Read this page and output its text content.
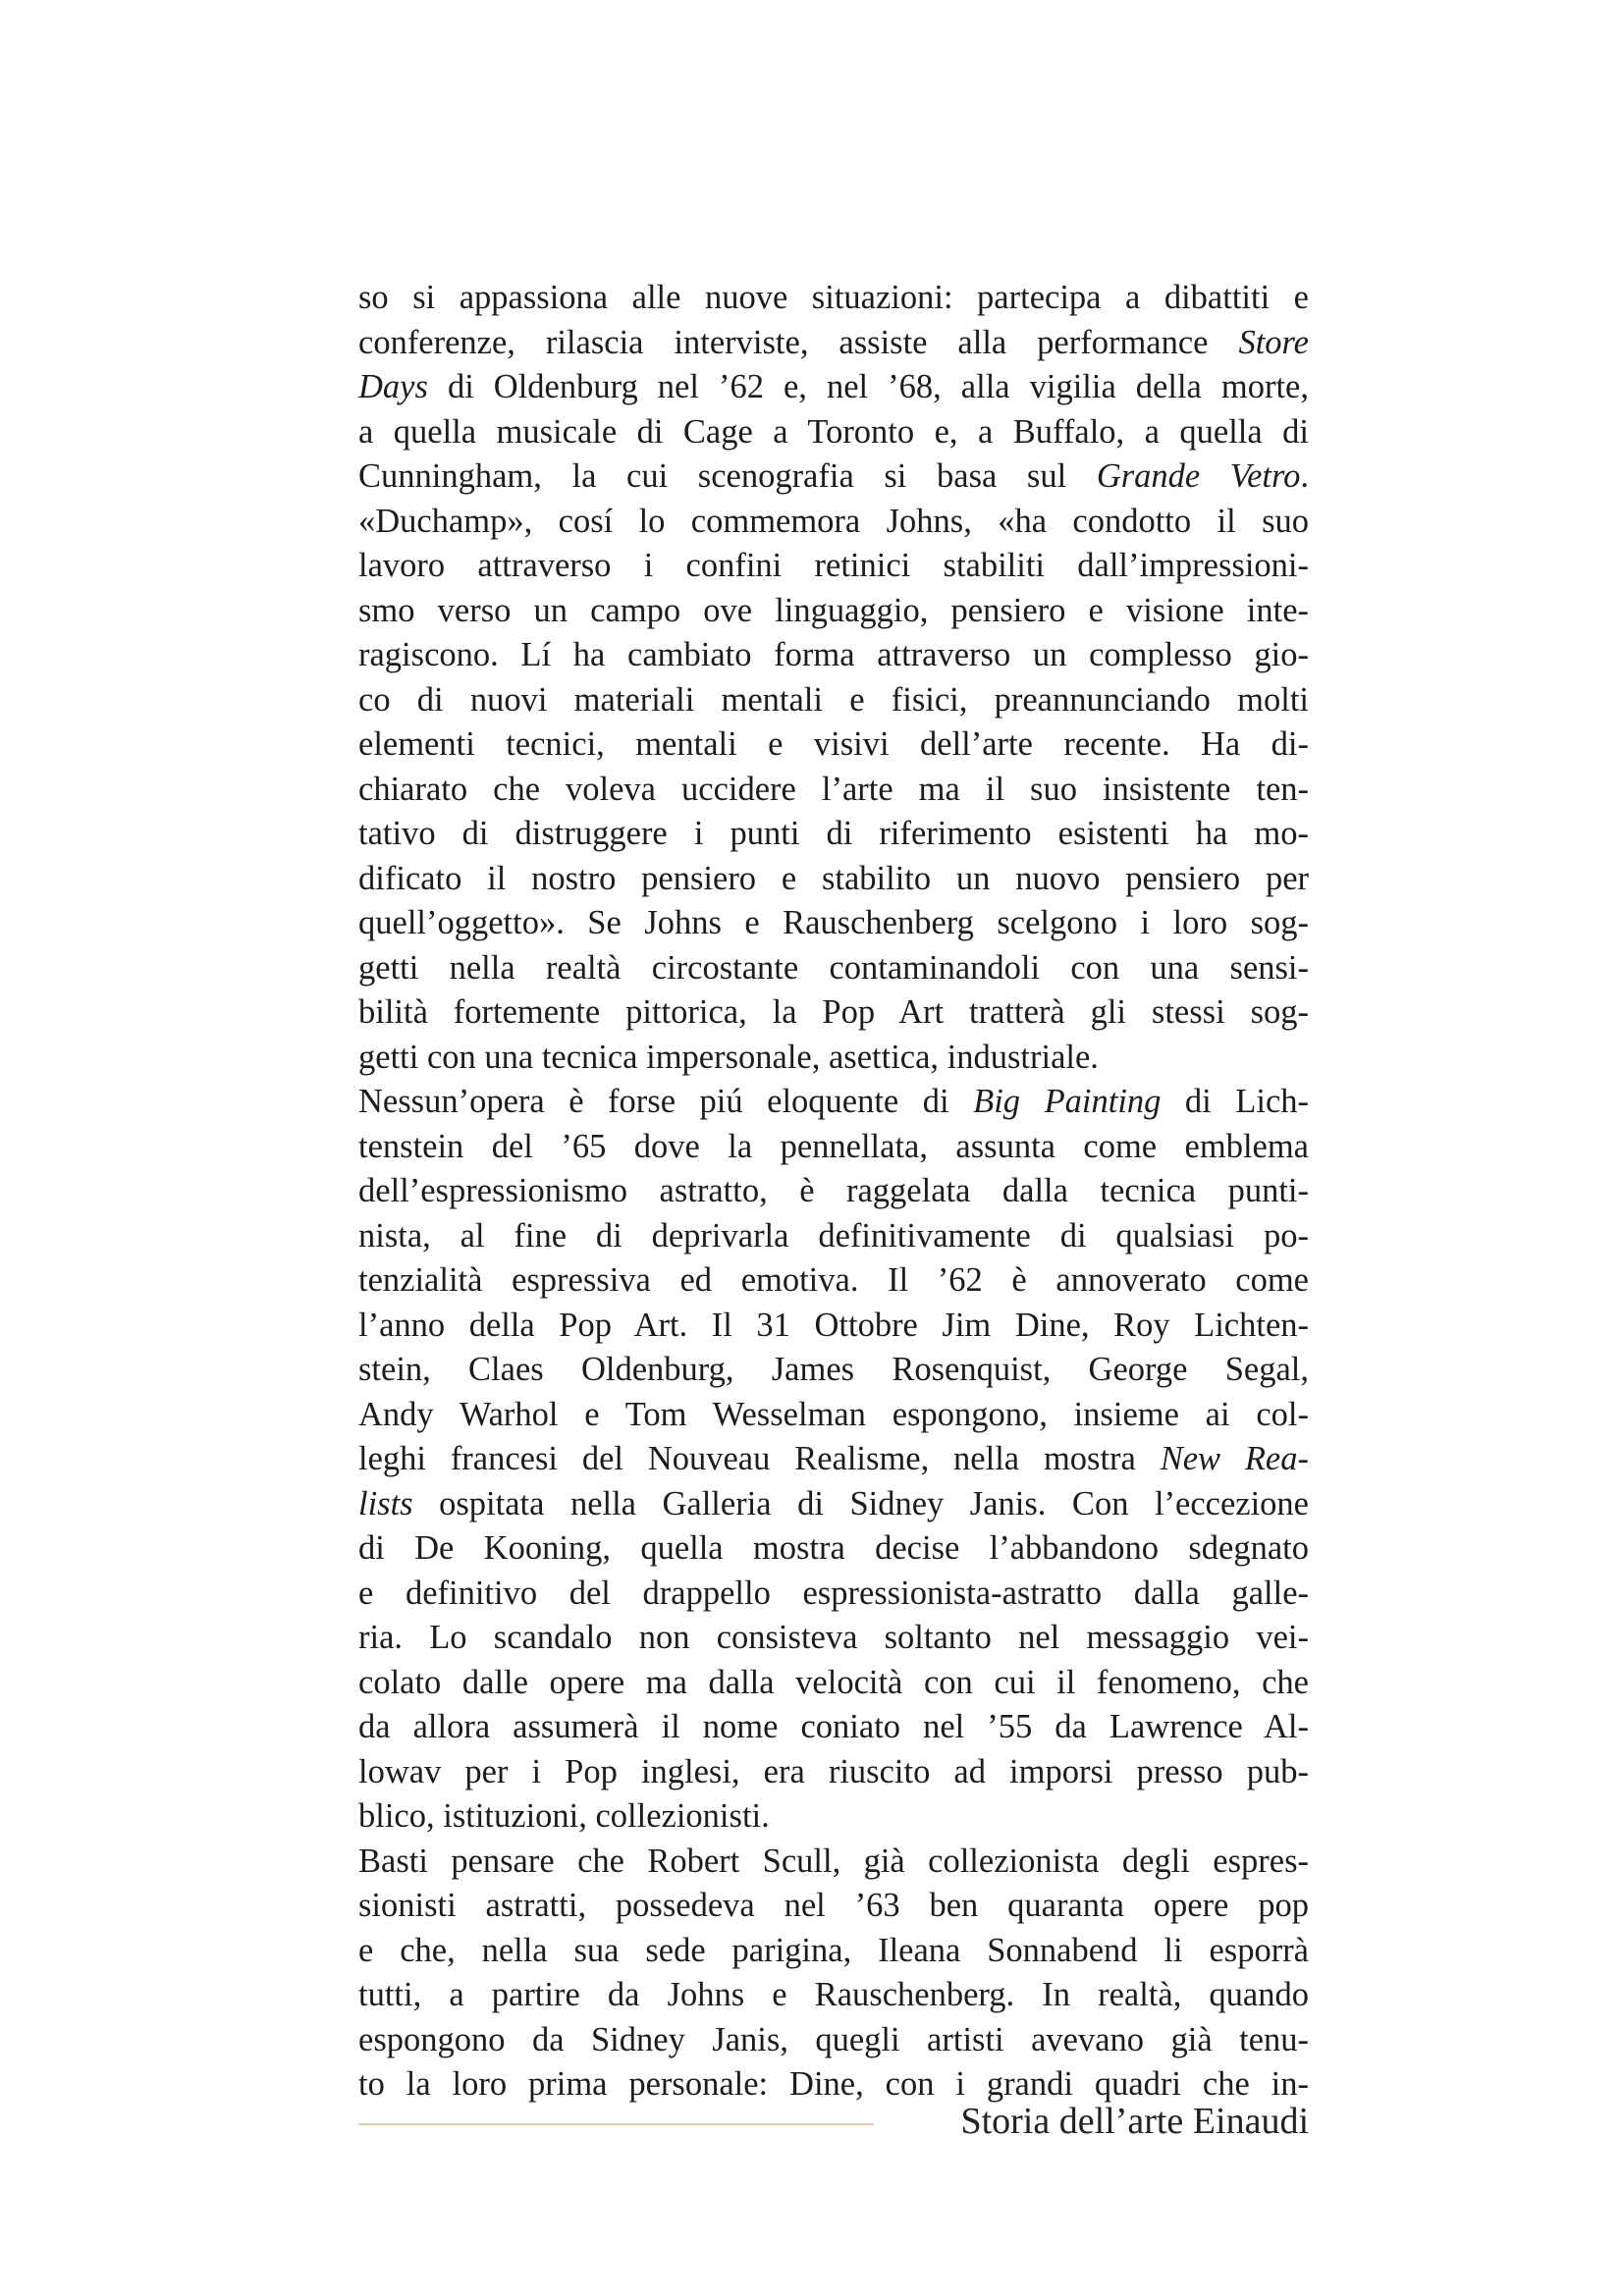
so si appassiona alle nuove situazioni: partecipa a dibattiti e
conferenze, rilascia interviste, assiste alla performance Store
Days di Oldenburg nel ’62 e, nel ’68, alla vigilia della morte,
a quella musicale di Cage a Toronto e, a Buffalo, a quella di
Cunningham, la cui scenografia si basa sul Grande Vetro.
«Duchamp», cosí lo commemora Johns, «ha condotto il suo
lavoro attraverso i confini retinici stabiliti dall’impressioni-
smo verso un campo ove linguaggio, pensiero e visione inte-
ragiscono. Lí ha cambiato forma attraverso un complesso gio-
co di nuovi materiali mentali e fisici, preannunciando molti
elementi tecnici, mentali e visivi dell’arte recente. Ha di-
chiarato che voleva uccidere l’arte ma il suo insistente ten-
tativo di distruggere i punti di riferimento esistenti ha mo-
dificato il nostro pensiero e stabilito un nuovo pensiero per
quell’oggetto». Se Johns e Rauschenberg scelgono i loro sog-
getti nella realtà circostante contaminandoli con una sensi-
bilità fortemente pittorica, la Pop Art tratterà gli stessi sog-
getti con una tecnica impersonale, asettica, industriale.
Nessun’opera è forse piú eloquente di Big Painting di Lich-
tenstein del ’65 dove la pennellata, assunta come emblema
dell’espressionismo astratto, è raggelata dalla tecnica punti-
nista, al fine di deprivarla definitivamente di qualsiasi po-
tenzialità espressiva ed emotiva. Il ’62 è annoverato come
l’anno della Pop Art. Il 31 Ottobre Jim Dine, Roy Lichten-
stein, Claes Oldenburg, James Rosenquist, George Segal,
Andy Warhol e Tom Wesselman espongono, insieme ai col-
leghi francesi del Nouveau Realisme, nella mostra New Rea-
lists ospitata nella Galleria di Sidney Janis. Con l’eccezione
di De Kooning, quella mostra decise l’abbandono sdegnato
e definitivo del drappello espressionista-astratto dalla galle-
ria. Lo scandalo non consisteva soltanto nel messaggio vei-
colato dalle opere ma dalla velocità con cui il fenomeno, che
da allora assumerà il nome coniato nel ’55 da Lawrence Al-
lowav per i Pop inglesi, era riuscito ad imporsi presso pub-
blico, istituzioni, collezionisti.
Basti pensare che Robert Scull, già collezionista degli espres-
sionisti astratti, possedeva nel ’63 ben quaranta opere pop
e che, nella sua sede parigina, Ileana Sonnabend li esporrà
tutti, a partire da Johns e Rauschenberg. In realtà, quando
espongono da Sidney Janis, quegli artisti avevano già tenu-
to la loro prima personale: Dine, con i grandi quadri che in-
Storia dell’arte Einaudi
